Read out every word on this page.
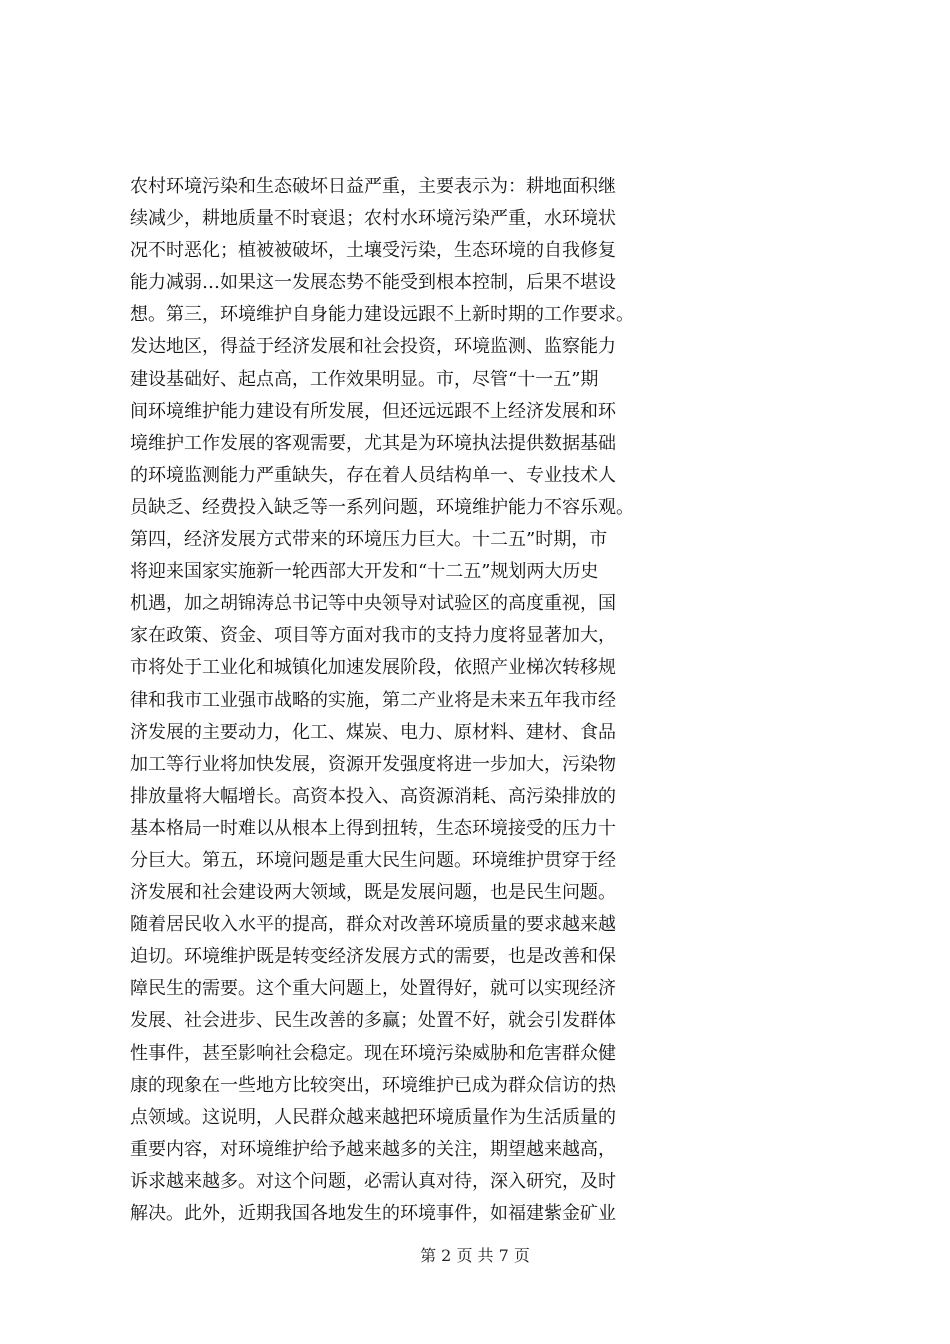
农村环境污染和生态破坏日益严重，主要表示为：耕地面积继
续减少，耕地质量不时衰退；农村水环境污染严重，水环境状
况不时恶化；植被被破坏，土壤受污染，生态环境的自我修复
能力减弱…如果这一发展态势不能受到根本控制，后果不堪设
想。第三，环境维护自身能力建设远跟不上新时期的工作要求。
发达地区，得益于经济发展和社会投资，环境监测、监察能力
建设基础好、起点高，工作效果明显。市，尽管“十一五”期
间环境维护能力建设有所发展，但还远远跟不上经济发展和环
境维护工作发展的客观需要，尤其是为环境执法提供数据基础
的环境监测能力严重缺失，存在着人员结构单一、专业技术人
员缺乏、经费投入缺乏等一系列问题，环境维护能力不容乐观。
第四，经济发展方式带来的环境压力巨大。十二五”时期，市
将迎来国家实施新一轮西部大开发和“十二五”规划两大历史
机遇，加之胡锦涛总书记等中央领导对试验区的高度重视，国
家在政策、资金、项目等方面对我市的支持力度将显著加大，
市将处于工业化和城镇化加速发展阶段，依照产业梯次转移规
律和我市工业强市战略的实施，第二产业将是未来五年我市经
济发展的主要动力，化工、煤炭、电力、原材料、建材、食品
加工等行业将加快发展，资源开发强度将进一步加大，污染物
排放量将大幅增长。高资本投入、高资源消耗、高污染排放的
基本格局一时难以从根本上得到扭转，生态环境接受的压力十
分巨大。第五，环境问题是重大民生问题。环境维护贯穿于经
济发展和社会建设两大领域，既是发展问题，也是民生问题。
随着居民收入水平的提高，群众对改善环境质量的要求越来越
迫切。环境维护既是转变经济发展方式的需要，也是改善和保
障民生的需要。这个重大问题上，处置得好，就可以实现经济
发展、社会进步、民生改善的多赢；处置不好，就会引发群体
性事件，甚至影响社会稳定。现在环境污染威胁和危害群众健
康的现象在一些地方比较突出，环境维护已成为群众信访的热
点领域。这说明，人民群众越来越把环境质量作为生活质量的
重要内容，对环境维护给予越来越多的关注，期望越来越高，
诉求越来越多。对这个问题，必需认真对待，深入研究，及时
解决。此外，近期我国各地发生的环境事件，如福建紫金矿业
第 2 页 共 7 页
